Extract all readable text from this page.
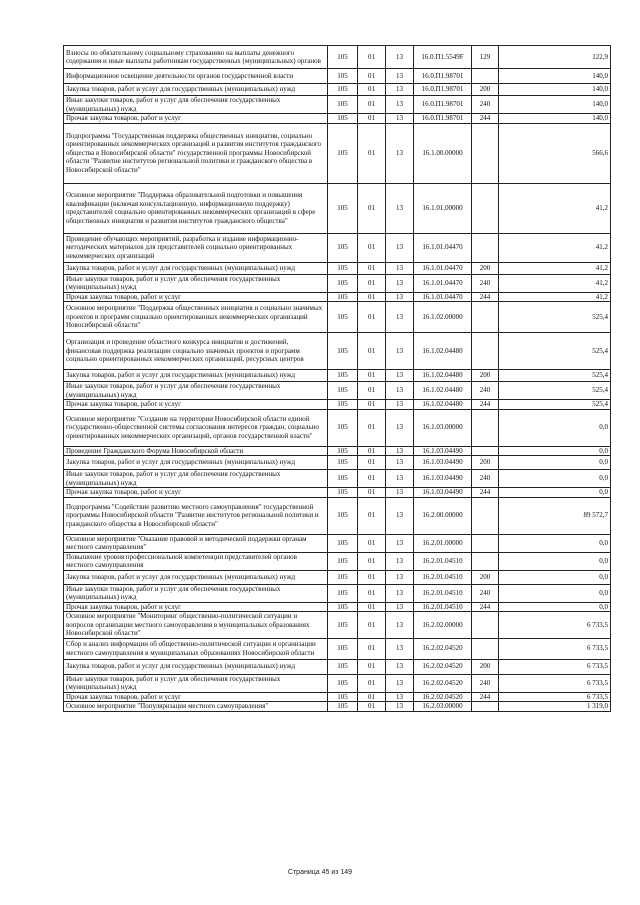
Взносы по обязательному социальному страхованию на выплаты денежного содержания и иные выплаты работникам государственных (муниципальных) органов	105	01	13	16.0.П1.5549F	129	122,9
Информационное освещение деятельности органов государственной власти	105	01	13	16.0.П1.98701		140,0
Закупка товаров, работ и услуг для государственных (муниципальных) нужд	105	01	13	16.0.П1.98701	200	140,0
Иные закупки товаров, работ и услуг для обеспечения государственных (муниципальных) нужд	105	01	13	16.0.П1.98701	240	140,0
Прочая закупка товаров, работ и услуг	105	01	13	16.0.П1.98701	244	140,0
Подпрограмма "Государственная поддержка общественных инициатив, социально ориентированных некоммерческих организаций и развития институтов гражданского общества в Новосибирской области" государственной программы Новосибирской области "Развитие институтов региональной политики и гражданского общества в Новосибирской области"	105	01	13	16.1.00.00000		566,6
Основное мероприятие "Поддержка образовательной подготовки и повышения квалификации (включая консультационную, информационную поддержку) представителей социально ориентированных некоммерческих организаций в сфере общественных инициатив и развития институтов гражданского общества"	105	01	13	16.1.01.00000		41,2
Проведение обучающих мероприятий, разработка и издание информационно-методических материалов для представителей социально ориентированных некоммерческих организаций	105	01	13	16.1.01.04470		41,2
Закупка товаров, работ и услуг для государственных (муниципальных) нужд	105	01	13	16.1.01.04470	200	41,2
Иные закупки товаров, работ и услуг для обеспечения государственных (муниципальных) нужд	105	01	13	16.1.01.04470	240	41,2
Прочая закупка товаров, работ и услуг	105	01	13	16.1.01.04470	244	41,2
Основное мероприятие "Поддержка общественных инициатив и социально значимых проектов и программ социально ориентированных некоммерческих организаций Новосибирской области"	105	01	13	16.1.02.00000		525,4
Организация и проведение областного конкурса инициатив и достижений, финансовая поддержка реализации социально значимых проектов и программ социально ориентированных некоммерческих организаций, ресурсных центров	105	01	13	16.1.02.04480		525,4
Закупка товаров, работ и услуг для государственных (муниципальных) нужд	105	01	13	16.1.02.04480	200	525,4
Иные закупки товаров, работ и услуг для обеспечения государственных (муниципальных) нужд	105	01	13	16.1.02.04480	240	525,4
Прочая закупка товаров, работ и услуг	105	01	13	16.1.02.04480	244	525,4
Основное мероприятие "Создание на территории Новосибирской области единой государственно-общественной системы согласования интересов граждан, социально ориентированных некоммерческих организаций, органов государственной власти"	105	01	13	16.1.03.00000		0,0
Проведение Гражданского Форума Новосибирской области	105	01	13	16.1.03.04490		0,0
Закупка товаров, работ и услуг для государственных (муниципальных) нужд	105	01	13	16.1.03.04490	200	0,0
Иные закупки товаров, работ и услуг для обеспечения государственных (муниципальных) нужд	105	01	13	16.1.03.04490	240	0,0
Прочая закупка товаров, работ и услуг	105	01	13	16.1.03.04490	244	0,0
Подпрограмма "Содействие развитию местного самоуправления" государственной программы Новосибирской области "Развитие институтов региональной политики и гражданского общества в Новосибирской области"	105	01	13	16.2.00.00000		89 572,7
Основное мероприятие "Оказание правовой и методической поддержки органам местного самоуправления"	105	01	13	16.2.01.00000		0,0
Повышение уровня профессиональной компетенции представителей органов местного самоуправления	105	01	13	16.2.01.04510		0,0
Закупка товаров, работ и услуг для государственных (муниципальных) нужд	105	01	13	16.2.01.04510	200	0,0
Иные закупки товаров, работ и услуг для обеспечения государственных (муниципальных) нужд	105	01	13	16.2.01.04510	240	0,0
Прочая закупка товаров, работ и услуг	105	01	13	16.2.01.04510	244	0,0
Основное мероприятие "Мониторинг общественно-политической ситуации и вопросов организации местного самоуправления в муниципальных образованиях Новосибирской области"	105	01	13	16.2.02.00000		6 733,5
Сбор и анализ информации об общественно-политической ситуации и организации местного самоуправления в муниципальных образованиях Новосибирской области	105	01	13	16.2.02.04520		6 733,5
Закупка товаров, работ и услуг для государственных (муниципальных) нужд	105	01	13	16.2.02.04520	200	6 733,5
Иные закупки товаров, работ и услуг для обеспечения государственных (муниципальных) нужд	105	01	13	16.2.02.04520	240	6 733,5
Прочая закупка товаров, работ и услуг	105	01	13	16.2.02.04520	244	6 733,5
Основное мероприятие "Популяризация местного самоуправления"	105	01	13	16.2.03.00000		1 319,0
Страница 45 из 149
